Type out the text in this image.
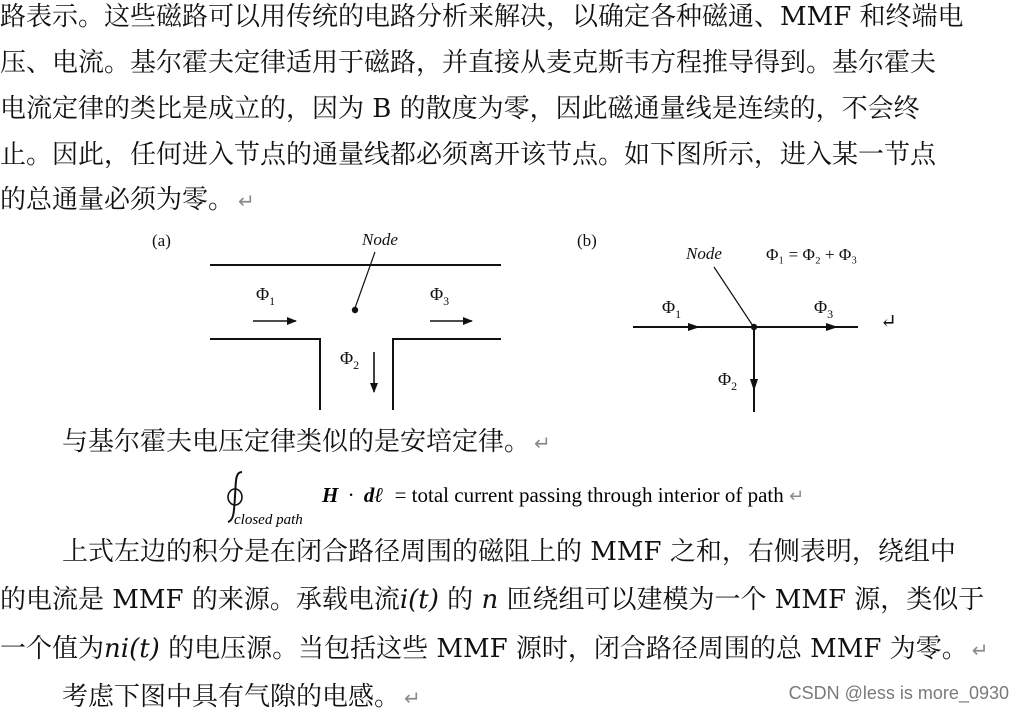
路表示。这些磁路可以用传统的电路分析来解决，以确定各种磁通、MMF 和终端电
压、电流。基尔霍夫定律适用于磁路，并直接从麦克斯韦方程推导得到。基尔霍夫
电流定律的类比是成立的，因为 B 的散度为零，因此磁通量线是连续的，不会终
止。因此，任何进入节点的通量线都必须离开该节点。如下图所示，进入某一节点
的总通量必须为零。 ↵
(a)	Node
$\Phi_1$	$\Phi_3$
$\Phi_2$
(b)
Node	Φ₁ = Φ₂ + Φ₃
$\Phi_1$	$\Phi_3$
$\Phi_2$
↵
与基尔霍夫电压定律类似的是安培定律。 ↵
closed path
H · dℓ = total current passing through interior of path ↵
上式左边的积分是在闭合路径周围的磁阻上的 MMF 之和，右侧表明，绕组中
的电流是 MMF 的来源。承载电流i(t) 的 n 匝绕组可以建模为一个 MMF 源，类似于
一个值为ni(t) 的电压源。当包括这些 MMF 源时，闭合路径周围的总 MMF 为零。 ↵
考虑下图中具有气隙的电感。 ↵	CSDN @less is more_0930
